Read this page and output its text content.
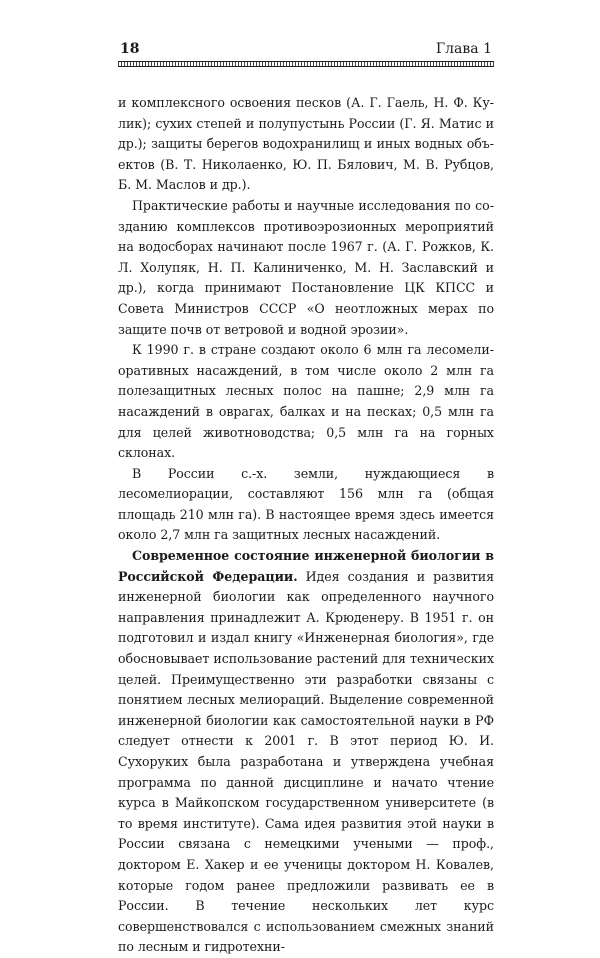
18	Глава 1

и комплексного освоения песков (А. Г. Гаель, Н. Ф. Кулик); сухих степей и полупустынь России (Г. Я. Матис и др.); защиты берегов водохранилищ и иных водных объектов (В. Т. Николаенко, Ю. П. Бялович, М. В. Рубцов, Б. М. Маслов и др.).

Практические работы и научные исследования по созданию комплексов противоэрозионных мероприятий на водосборах начинают после 1967 г. (А. Г. Рожков, К. Л. Холупяк, Н. П. Калиниченко, М. Н. Заславский и др.), когда принимают Постановление ЦК КПСС и Совета Министров СССР «О неотложных мерах по защите почв от ветровой и водной эрозии».

К 1990 г. в стране создают около 6 млн га лесомелиоративных насаждений, в том числе около 2 млн га полезащитных лесных полос на пашне; 2,9 млн га насаждений в оврагах, балках и на песках; 0,5 млн га для целей животноводства; 0,5 млн га на горных склонах.

В России с.-х. земли, нуждающиеся в лесомелиорации, составляют 156 млн га (общая площадь 210 млн га). В настоящее время здесь имеется около 2,7 млн га защитных лесных насаждений.

Современное состояние инженерной биологии в Российской Федерации. Идея создания и развития инженерной биологии как определенного научного направления принадлежит А. Крюденеру. В 1951 г. он подготовил и издал книгу «Инженерная биология», где обосновывает использование растений для технических целей. Преимущественно эти разработки связаны с понятием лесных мелиораций. Выделение современной инженерной биологии как самостоятельной науки в РФ следует отнести к 2001 г. В этот период Ю. И. Сухоруких была разработана и утверждена учебная программа по данной дисциплине и начато чтение курса в Майкопском государственном университете (в то время институте). Сама идея развития этой науки в России связана с немецкими учеными — проф., доктором Е. Хакер и ее ученицы доктором Н. Ковалев, которые годом ранее предложили развивать ее в России. В течение нескольких лет курс совершенствовался с использованием смежных знаний по лесным и гидротехни-
